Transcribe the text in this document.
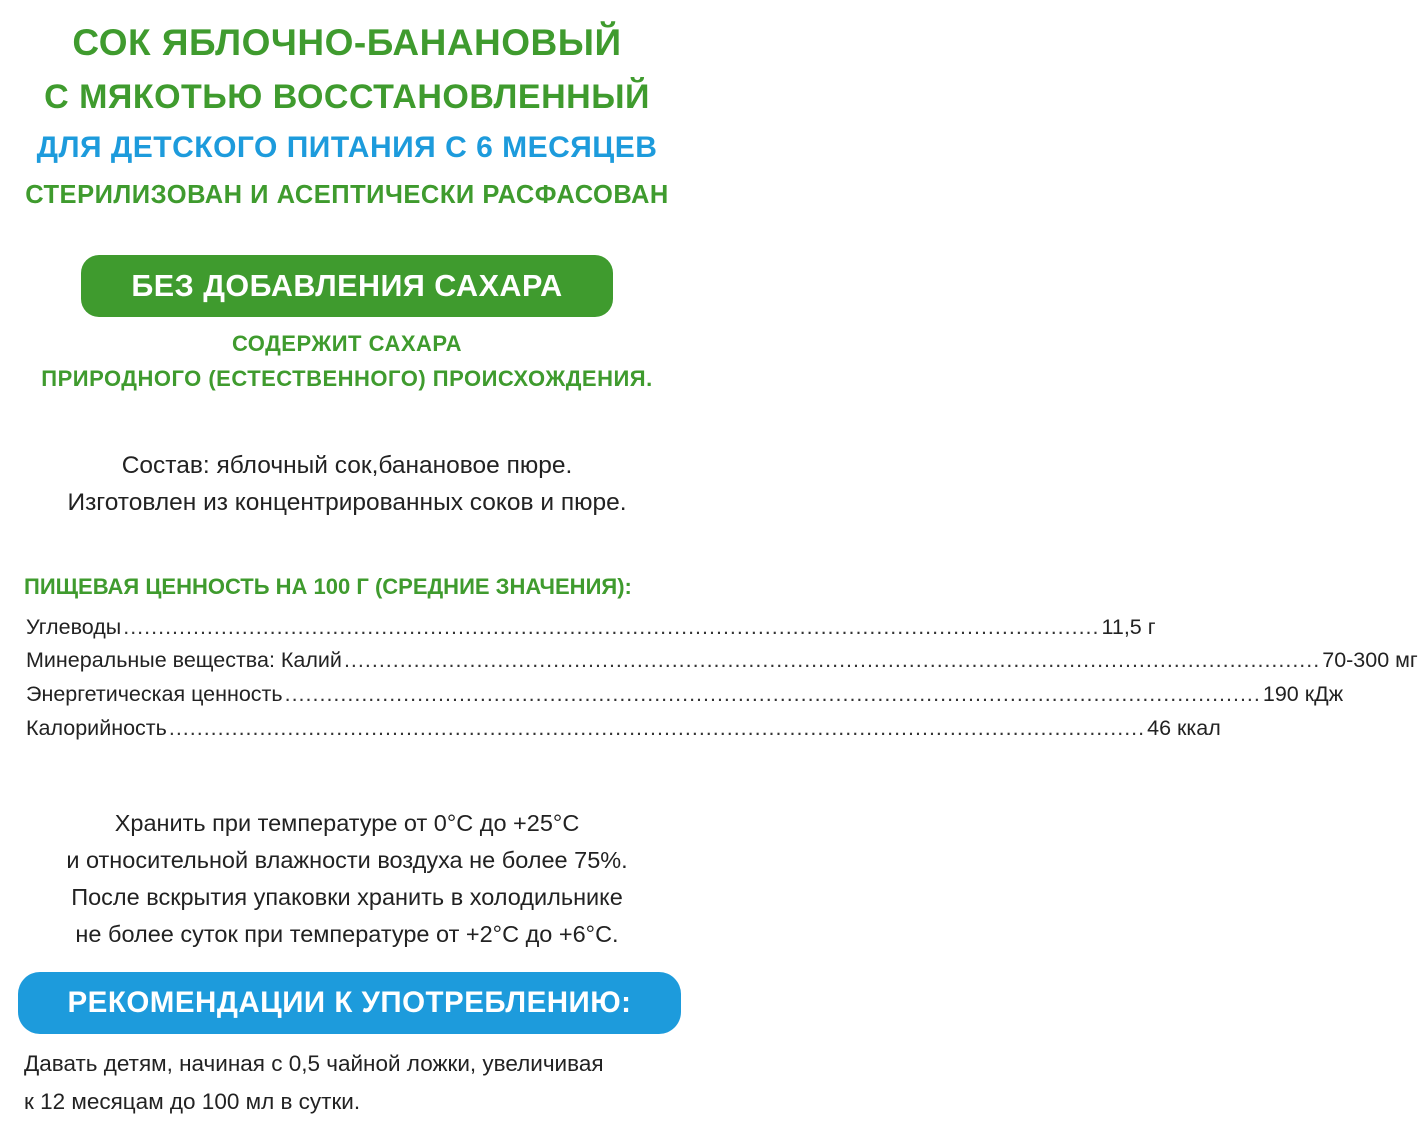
СОК ЯБЛОЧНО-БАНАНОВЫЙ
С МЯКОТЬЮ ВОССТАНОВЛЕННЫЙ
ДЛЯ ДЕТСКОГО ПИТАНИЯ С 6 МЕСЯЦЕВ
СТЕРИЛИЗОВАН И АСЕПТИЧЕСКИ РАСФАСОВАН
БЕЗ ДОБАВЛЕНИЯ САХАРА
СОДЕРЖИТ САХАРА
ПРИРОДНОГО (ЕСТЕСТВЕННОГО) ПРОИСХОЖДЕНИЯ.
Состав: яблочный сок,банановое пюре.
Изготовлен из концентрированных соков и пюре.
ПИЩЕВАЯ ЦЕННОСТЬ НА 100 Г (СРЕДНИЕ ЗНАЧЕНИЯ):
Углеводы ............................................................................................................................................ 11,5 г
Минеральные вещества: Калий ............................................................................................................................................ 70-300 мг
Энергетическая ценность ............................................................................................................................................ 190 кДж
Калорийность ............................................................................................................................................ 46 ккал
Хранить при температуре от 0°С до +25°С
и относительной влажности воздуха не более 75%.
После вскрытия упаковки хранить в холодильнике
не более суток при температуре от +2°С до +6°С.
РЕКОМЕНДАЦИИ К УПОТРЕБЛЕНИЮ:
Давать детям, начиная с 0,5 чайной ложки, увеличивая
к 12 месяцам до 100 мл в сутки.
